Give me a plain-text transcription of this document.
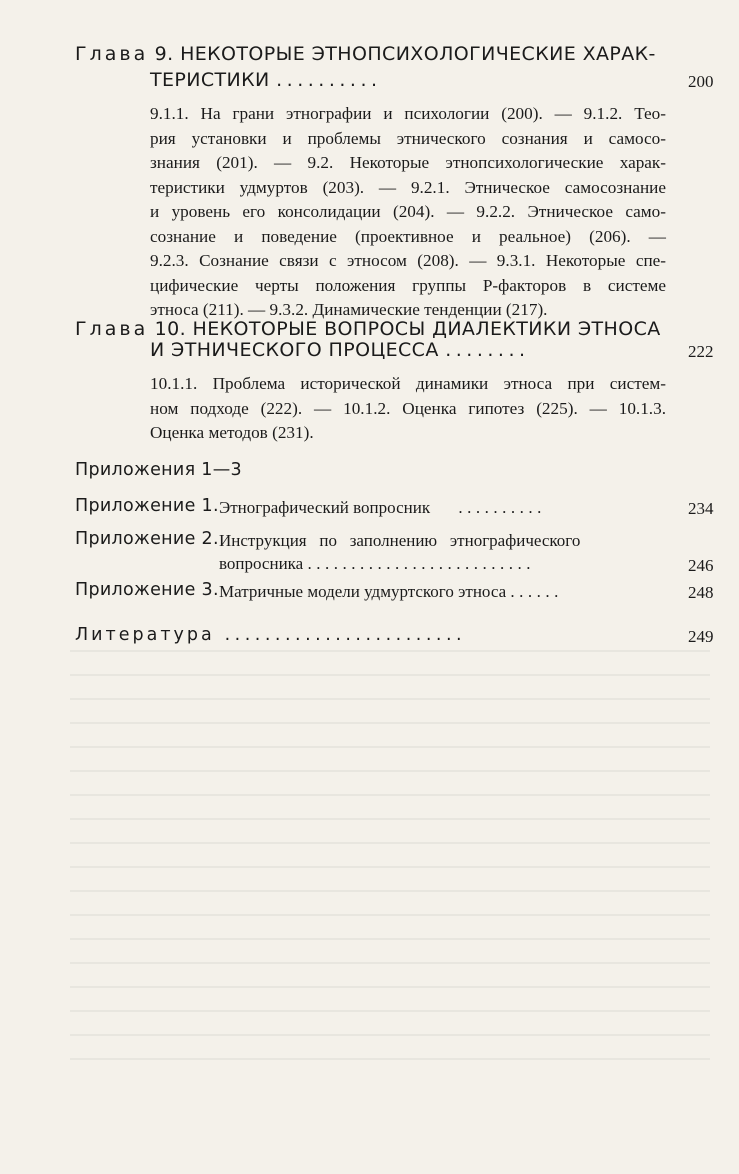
Глава 9. НЕКОТОРЫЕ ЭТНОПСИХОЛОГИЧЕСКИЕ ХАРАК-
ТЕРИСТИКИ ..........	200
9.1.1. На грани этнографии и психологии (200). — 9.1.2. Тео-
рия установки и проблемы этнического сознания и самосо-
знания (201). — 9.2. Некоторые этнопсихологические харак-
теристики удмуртов (203). — 9.2.1. Этническое самосознание
и уровень его консолидации (204). — 9.2.2. Этническое само-
сознание и поведение (проективное и реальное) (206). —
9.2.3. Сознание связи с этносом (208). — 9.3.1. Некоторые спе-
цифические черты положения группы P-факторов в системе
этноса (211). — 9.3.2. Динамические тенденции (217).
Глава 10. НЕКОТОРЫЕ ВОПРОСЫ ДИАЛЕКТИКИ ЭТНОСА
И ЭТНИЧЕСКОГО ПРОЦЕССА ........	222
10.1.1. Проблема исторической динамики этноса при систем-
ном подходе (222). — 10.1.2. Оценка гипотез (225). — 10.1.3.
Оценка методов (231).
Приложения 1—3
Приложение 1. Этнографический вопросник ..........	234
Приложение 2. Инструкция   по   заполнению   этнографического
вопросника ..........................	246
Приложение 3. Матричные модели удмуртского этноса ......	248
Литература ........................	249
